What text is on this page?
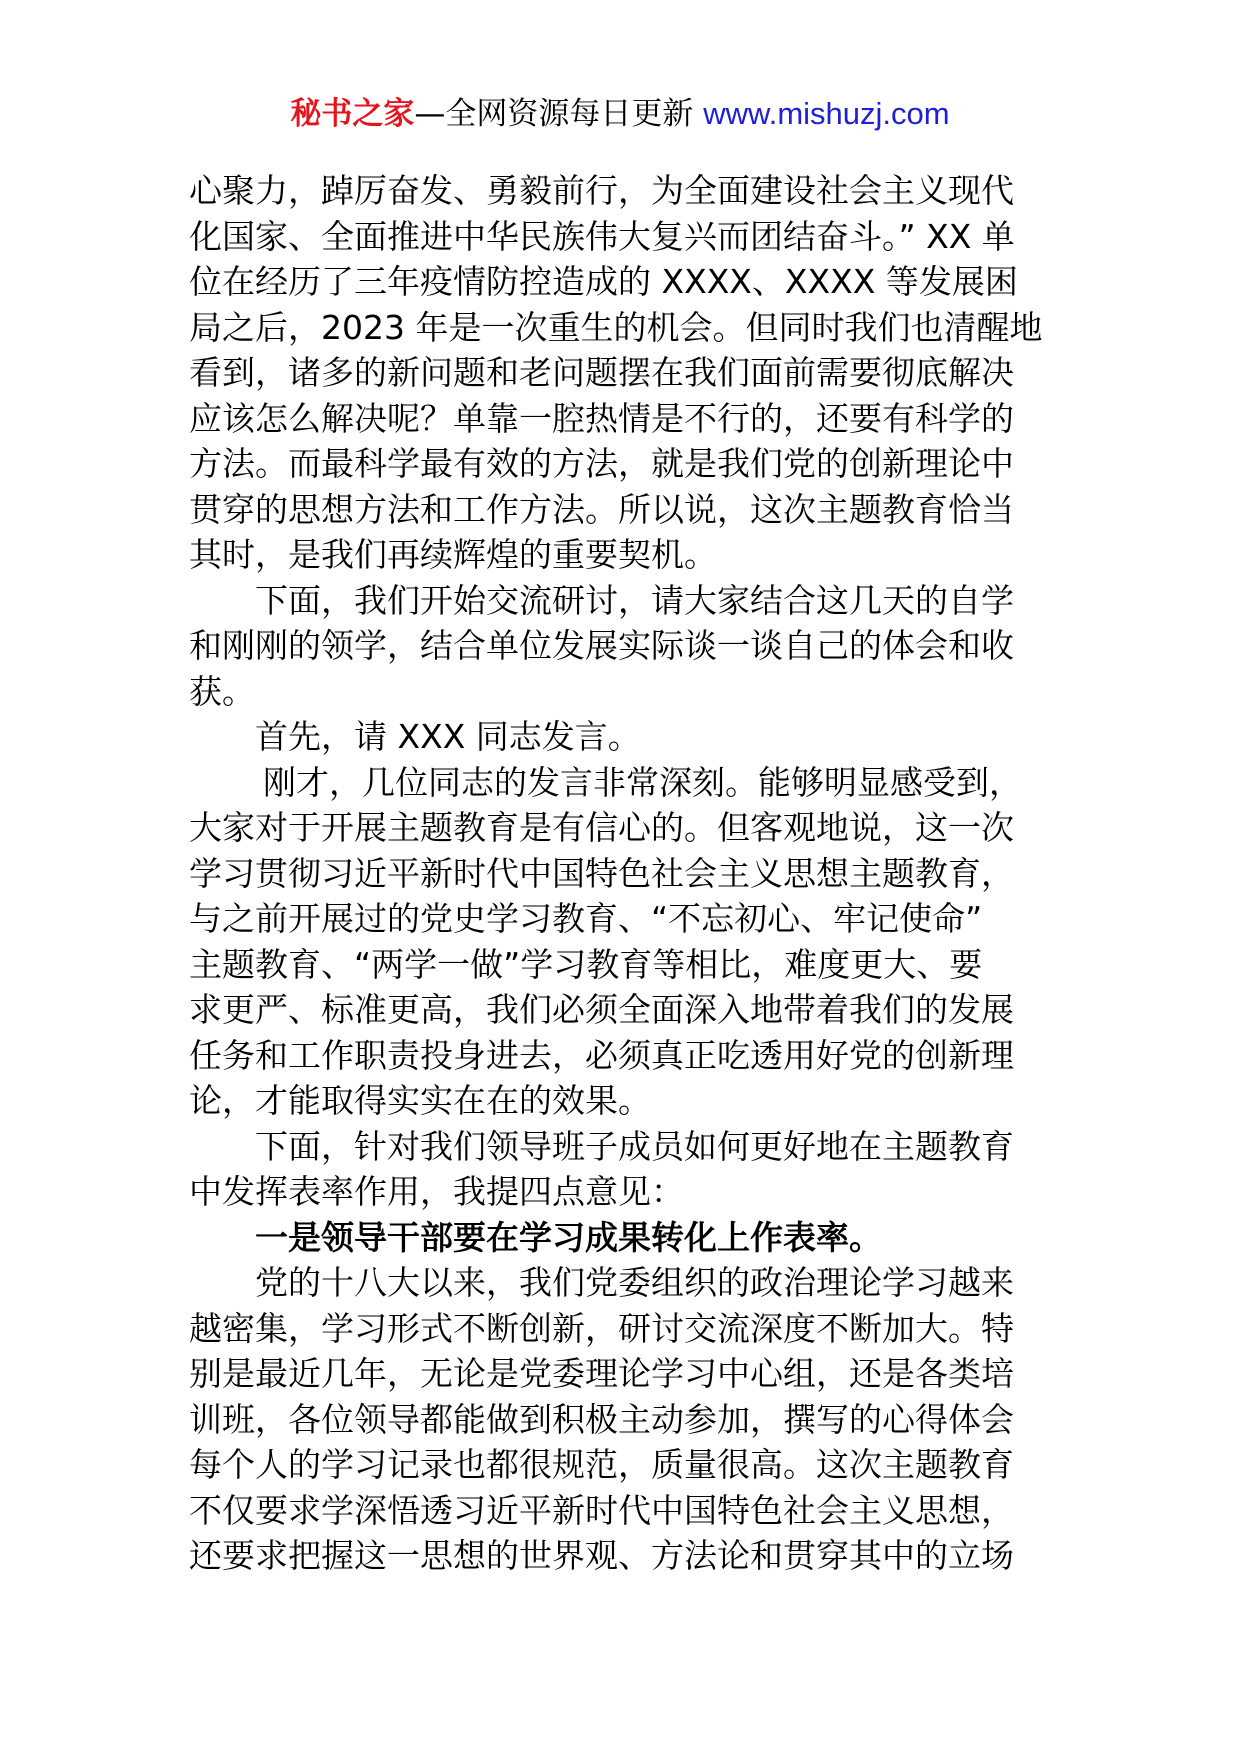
秘书之家—全网资源每日更新 www.mishuzj.com
心聚力，踔厉奋发、勇毅前行，为全面建设社会主义现代
化国家、全面推进中华民族伟大复兴而团结奋斗。” XX 单
位在经历了三年疫情防控造成的 XXXX、XXXX 等发展困
局之后，2023 年是一次重生的机会。但同时我们也清醒地
看到，诸多的新问题和老问题摆在我们面前需要彻底解决
应该怎么解决呢？单靠一腔热情是不行的，还要有科学的
方法。而最科学最有效的方法，就是我们党的创新理论中
贯穿的思想方法和工作方法。所以说，这次主题教育恰当
其时，是我们再续辉煌的重要契机。
下面，我们开始交流研讨，请大家结合这几天的自学
和刚刚的领学，结合单位发展实际谈一谈自己的体会和收
获。
首先，请 XXX 同志发言。
刚才，几位同志的发言非常深刻。能够明显感受到，
大家对于开展主题教育是有信心的。但客观地说，这一次
学习贯彻习近平新时代中国特色社会主义思想主题教育，
与之前开展过的党史学习教育、“不忘初心、牢记使命”
主题教育、“两学一做”学习教育等相比，难度更大、要
求更严、标准更高，我们必须全面深入地带着我们的发展
任务和工作职责投身进去，必须真正吃透用好党的创新理
论，才能取得实实在在的效果。
下面，针对我们领导班子成员如何更好地在主题教育
中发挥表率作用，我提四点意见：
一是领导干部要在学习成果转化上作表率。
党的十八大以来，我们党委组织的政治理论学习越来
越密集，学习形式不断创新，研讨交流深度不断加大。特
别是最近几年，无论是党委理论学习中心组，还是各类培
训班，各位领导都能做到积极主动参加，撰写的心得体会
每个人的学习记录也都很规范，质量很高。这次主题教育
不仅要求学深悟透习近平新时代中国特色社会主义思想，
还要求把握这一思想的世界观、方法论和贯穿其中的立场
